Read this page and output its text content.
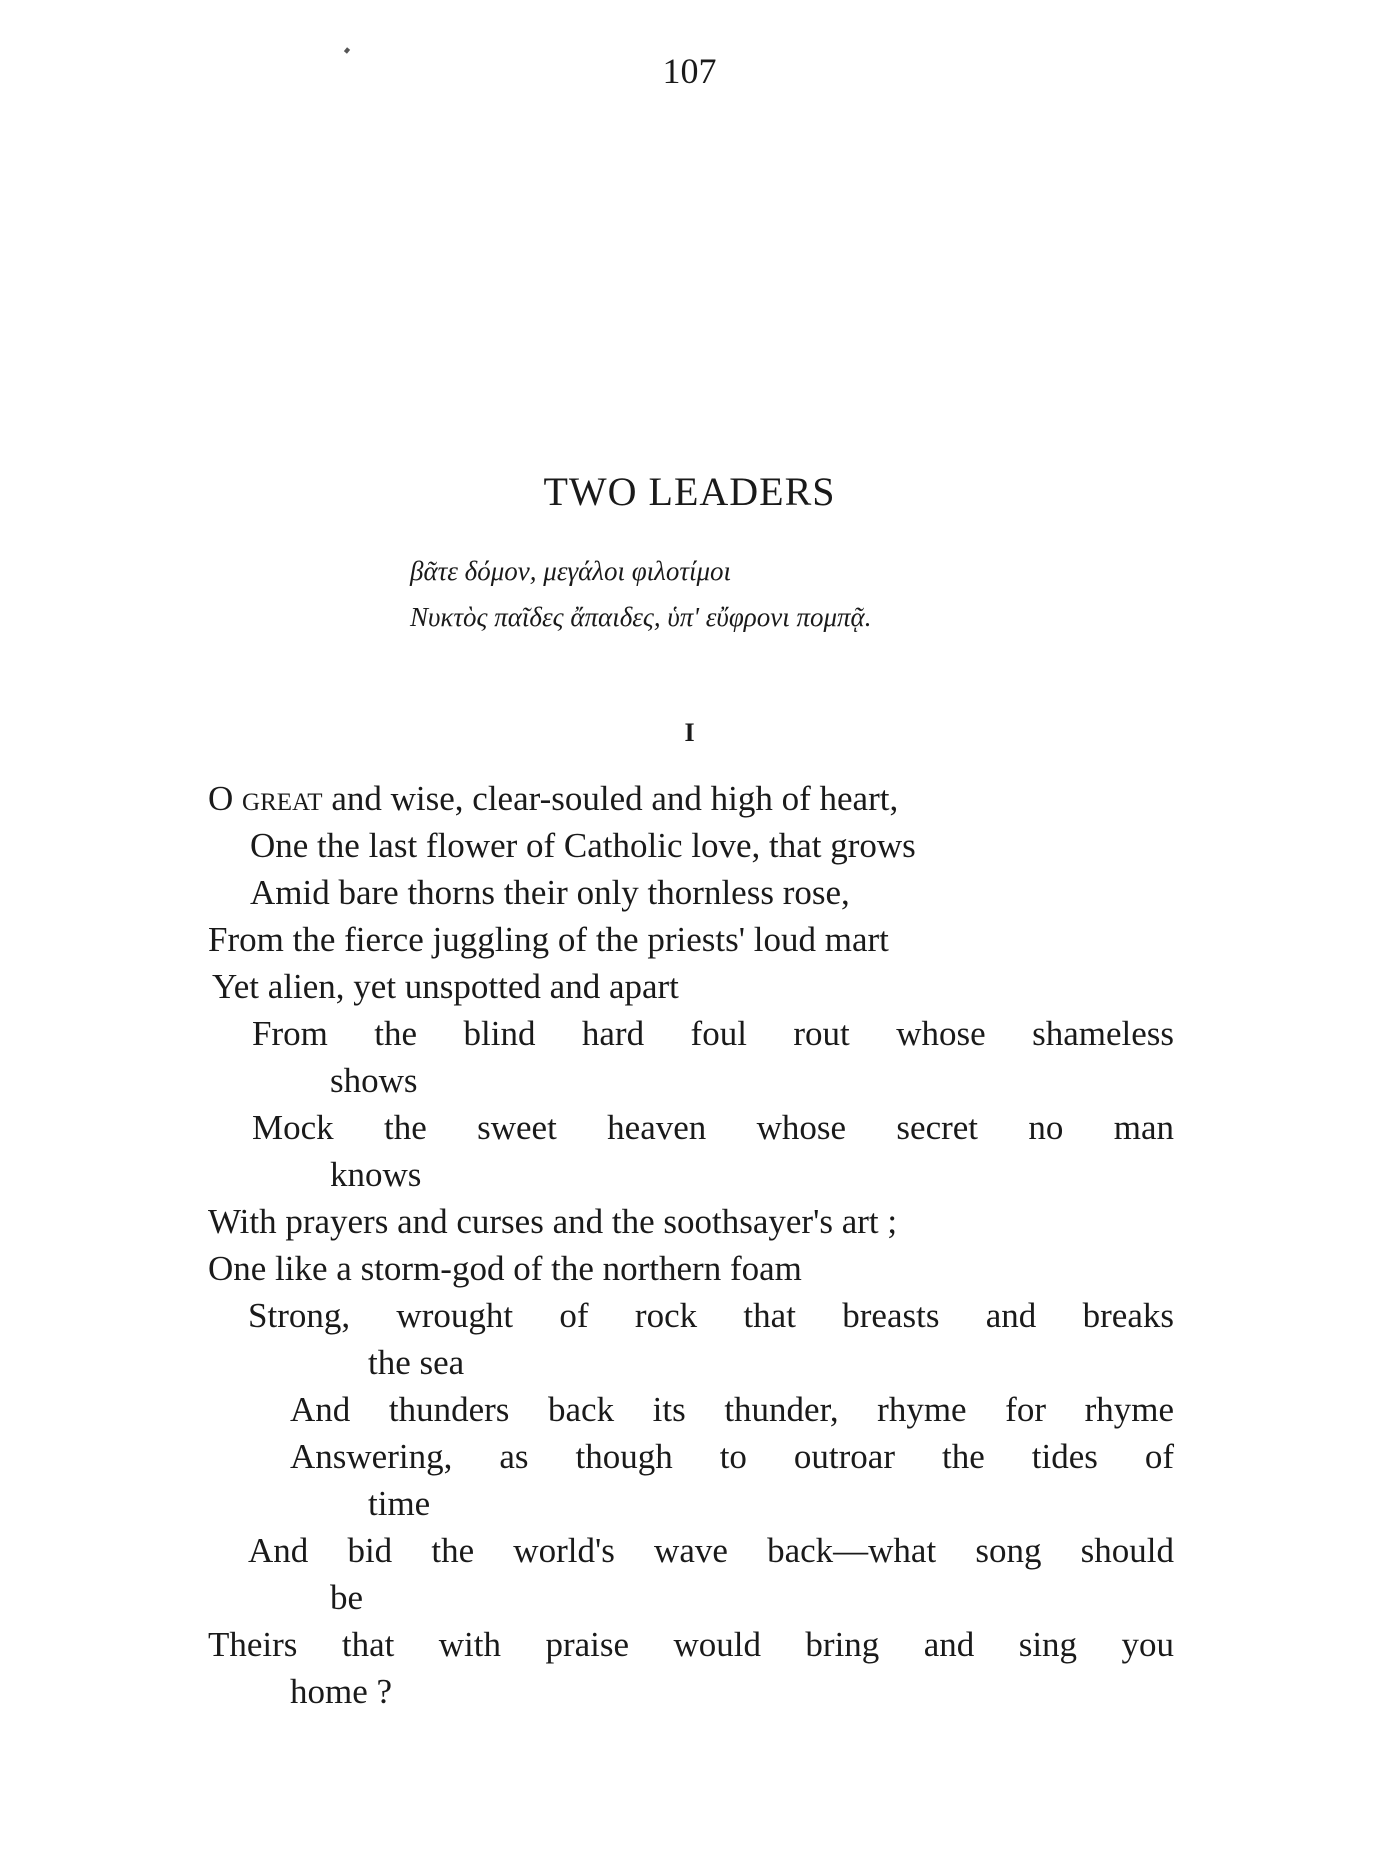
107
TWO LEADERS
βᾶτε δόμον, μεγάλοι φιλοτίμοι
Νυκτὸς παῖδες ἄπαιδες, ὑπ' εὔφρονι πομπᾷ.
I
O great and wise, clear-souled and high of heart,
One the last flower of Catholic love, that grows
Amid bare thorns their only thornless rose,
From the fierce juggling of the priests' loud mart
Yet alien, yet unspotted and apart
From the blind hard foul rout whose shameless
shows
Mock the sweet heaven whose secret no man
knows
With prayers and curses and the soothsayer's art ;
One like a storm-god of the northern foam
Strong, wrought of rock that breasts and breaks
the sea
And thunders back its thunder, rhyme for rhyme
Answering, as though to outroar the tides of
time
And bid the world's wave back—what song should
be
Theirs that with praise would bring and sing you
home ?
